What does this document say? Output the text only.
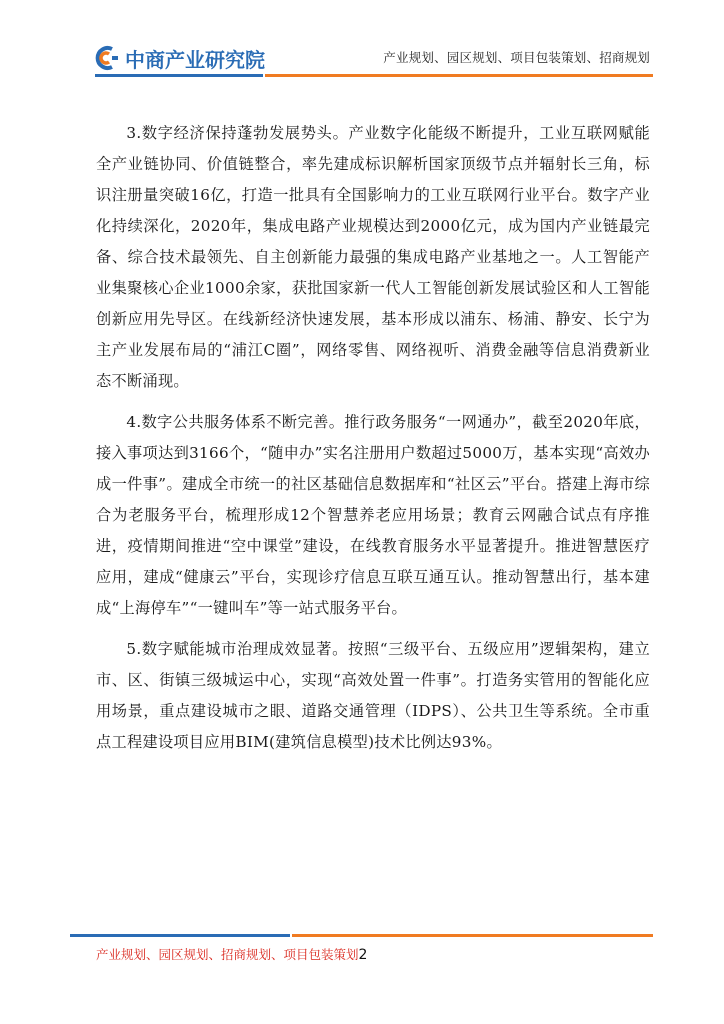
中商产业研究院	产业规划、园区规划、项目包装策划、招商规划

3.数字经济保持蓬勃发展势头。产业数字化能级不断提升，工业互联网赋能全产业链协同、价值链整合，率先建成标识解析国家顶级节点并辐射长三角，标识注册量突破16亿，打造一批具有全国影响力的工业互联网行业平台。数字产业化持续深化，2020年，集成电路产业规模达到2000亿元，成为国内产业链最完备、综合技术最领先、自主创新能力最强的集成电路产业基地之一。人工智能产业集聚核心企业1000余家，获批国家新一代人工智能创新发展试验区和人工智能创新应用先导区。在线新经济快速发展，基本形成以浦东、杨浦、静安、长宁为主产业发展布局的“浦江C圈”，网络零售、网络视听、消费金融等信息消费新业态不断涌现。

4.数字公共服务体系不断完善。推行政务服务“一网通办”，截至2020年底，接入事项达到3166个，“随申办”实名注册用户数超过5000万，基本实现“高效办成一件事”。建成全市统一的社区基础信息数据库和“社区云”平台。搭建上海市综合为老服务平台，梳理形成12个智慧养老应用场景；教育云网融合试点有序推进，疫情期间推进“空中课堂”建设，在线教育服务水平显著提升。推进智慧医疗应用，建成“健康云”平台，实现诊疗信息互联互通互认。推动智慧出行，基本建成“上海停车”“一键叫车”等一站式服务平台。

5.数字赋能城市治理成效显著。按照“三级平台、五级应用”逻辑架构，建立市、区、街镇三级城运中心，实现“高效处置一件事”。打造务实管用的智能化应用场景，重点建设城市之眼、道路交通管理（IDPS）、公共卫生等系统。全市重点工程建设项目应用BIM(建筑信息模型)技术比例达93%。

产业规划、园区规划、招商规划、项目包装策划2
